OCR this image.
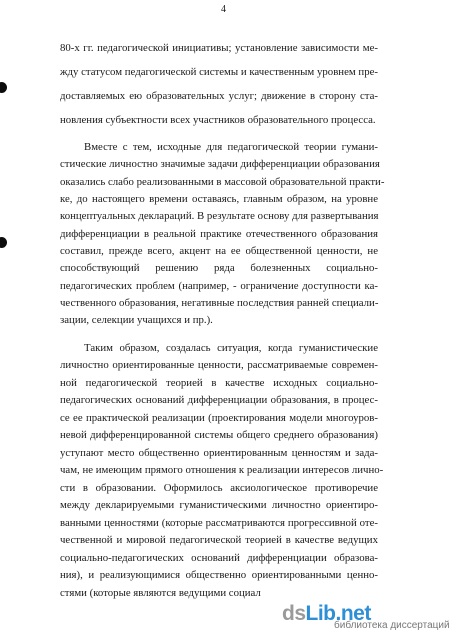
4
80-х гг. педагогической инициативы; установление зависимости ме-
жду статусом педагогической системы и качественным уровнем пре-
доставляемых ею образовательных услуг; движение в сторону ста-
новления субъектности всех участников образовательного процесса.
Вместе с тем, исходные для педагогической теории гумани-
стические личностно значимые задачи дифференциации образования
оказались слабо реализованными в массовой образовательной практи-
ке, до настоящего времени оставаясь, главным образом, на уровне
концептуальных деклараций. В результате основу для развертывания
дифференциации в реальной практике отечественного образования
составил, прежде всего, акцент на ее общественной ценности, не
способствующий решению ряда болезненных социально-
педагогических проблем (например, - ограничение доступности ка-
чественного образования, негативные последствия ранней специали-
зации, селекции учащихся и пр.).
Таким образом, создалась ситуация, когда гуманистические
личностно ориентированные ценности, рассматриваемые современ-
ной педагогической теорией в качестве исходных социально-
педагогических оснований дифференциации образования, в процес-
се ее практической реализации (проектирования модели многоуров-
невой дифференцированной системы общего среднего образования)
уступают место общественно ориентированным ценностям и задa-
чам, не имеющим прямого отношения к реализации интересов лично-
сти в образовании. Оформилось аксиологическое противоречие
между декларируемыми гуманистическими личностно ориентиро-
ванными ценностями (которые рассматриваются прогрессивной оте-
чественной и мировой педагогической теорией в качестве ведущих
социально-педагогических оснований дифференциации образова-
ния), и реализующимися общественно ориентированными ценно-
стями (которые являются ведущими социал
dsLib.net
библиотека диссертаций
